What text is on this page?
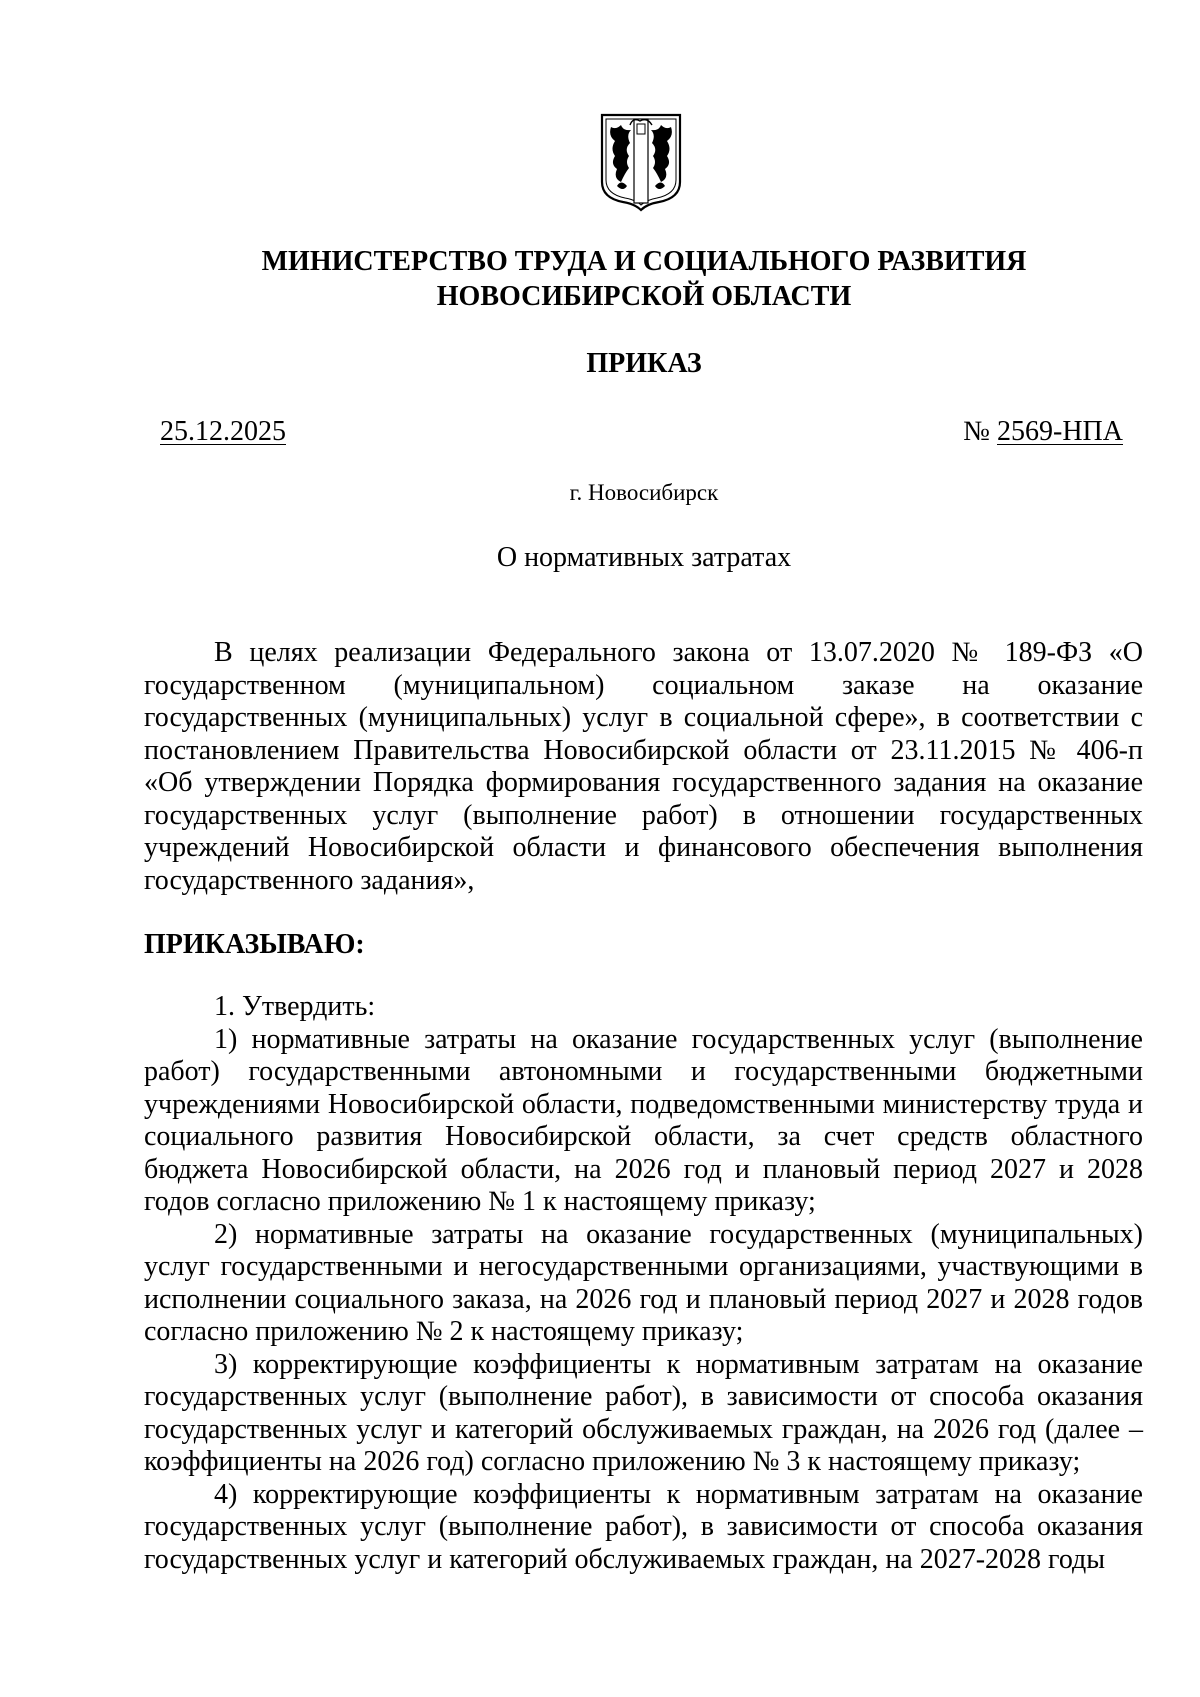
МИНИСТЕРСТВО ТРУДА И СОЦИАЛЬНОГО РАЗВИТИЯ
НОВОСИБИРСКОЙ ОБЛАСТИ
ПРИКАЗ
25.12.2025	№ 2569-НПА
г. Новосибирск
О нормативных затратах

В целях реализации Федерального закона от 13.07.2020 № 189-ФЗ «О государственном (муниципальном) социальном заказе на оказание государственных (муниципальных) услуг в социальной сфере», в соответствии с постановлением Правительства Новосибирской области от 23.11.2015 № 406-п «Об утверждении Порядка формирования государственного задания на оказание государственных услуг (выполнение работ) в отношении государственных учреждений Новосибирской области и финансового обеспечения выполнения государственного задания»,

ПРИКАЗЫВАЮ:

1. Утвердить:

1) нормативные затраты на оказание государственных услуг (выполнение работ) государственными автономными и государственными бюджетными учреждениями Новосибирской области, подведомственными министерству труда и социального развития Новосибирской области, за счет средств областного бюджета Новосибирской области, на 2026 год и плановый период 2027 и 2028 годов согласно приложению № 1 к настоящему приказу;

2) нормативные затраты на оказание государственных (муниципальных) услуг государственными и негосударственными организациями, участвующими в исполнении социального заказа, на 2026 год и плановый период 2027 и 2028 годов согласно приложению № 2 к настоящему приказу;

3) корректирующие коэффициенты к нормативным затратам на оказание государственных услуг (выполнение работ), в зависимости от способа оказания государственных услуг и категорий обслуживаемых граждан, на 2026 год (далее – коэффициенты на 2026 год) согласно приложению № 3 к настоящему приказу;

4) корректирующие коэффициенты к нормативным затратам на оказание государственных услуг (выполнение работ), в зависимости от способа оказания государственных услуг и категорий обслуживаемых граждан, на 2027-2028 годы
